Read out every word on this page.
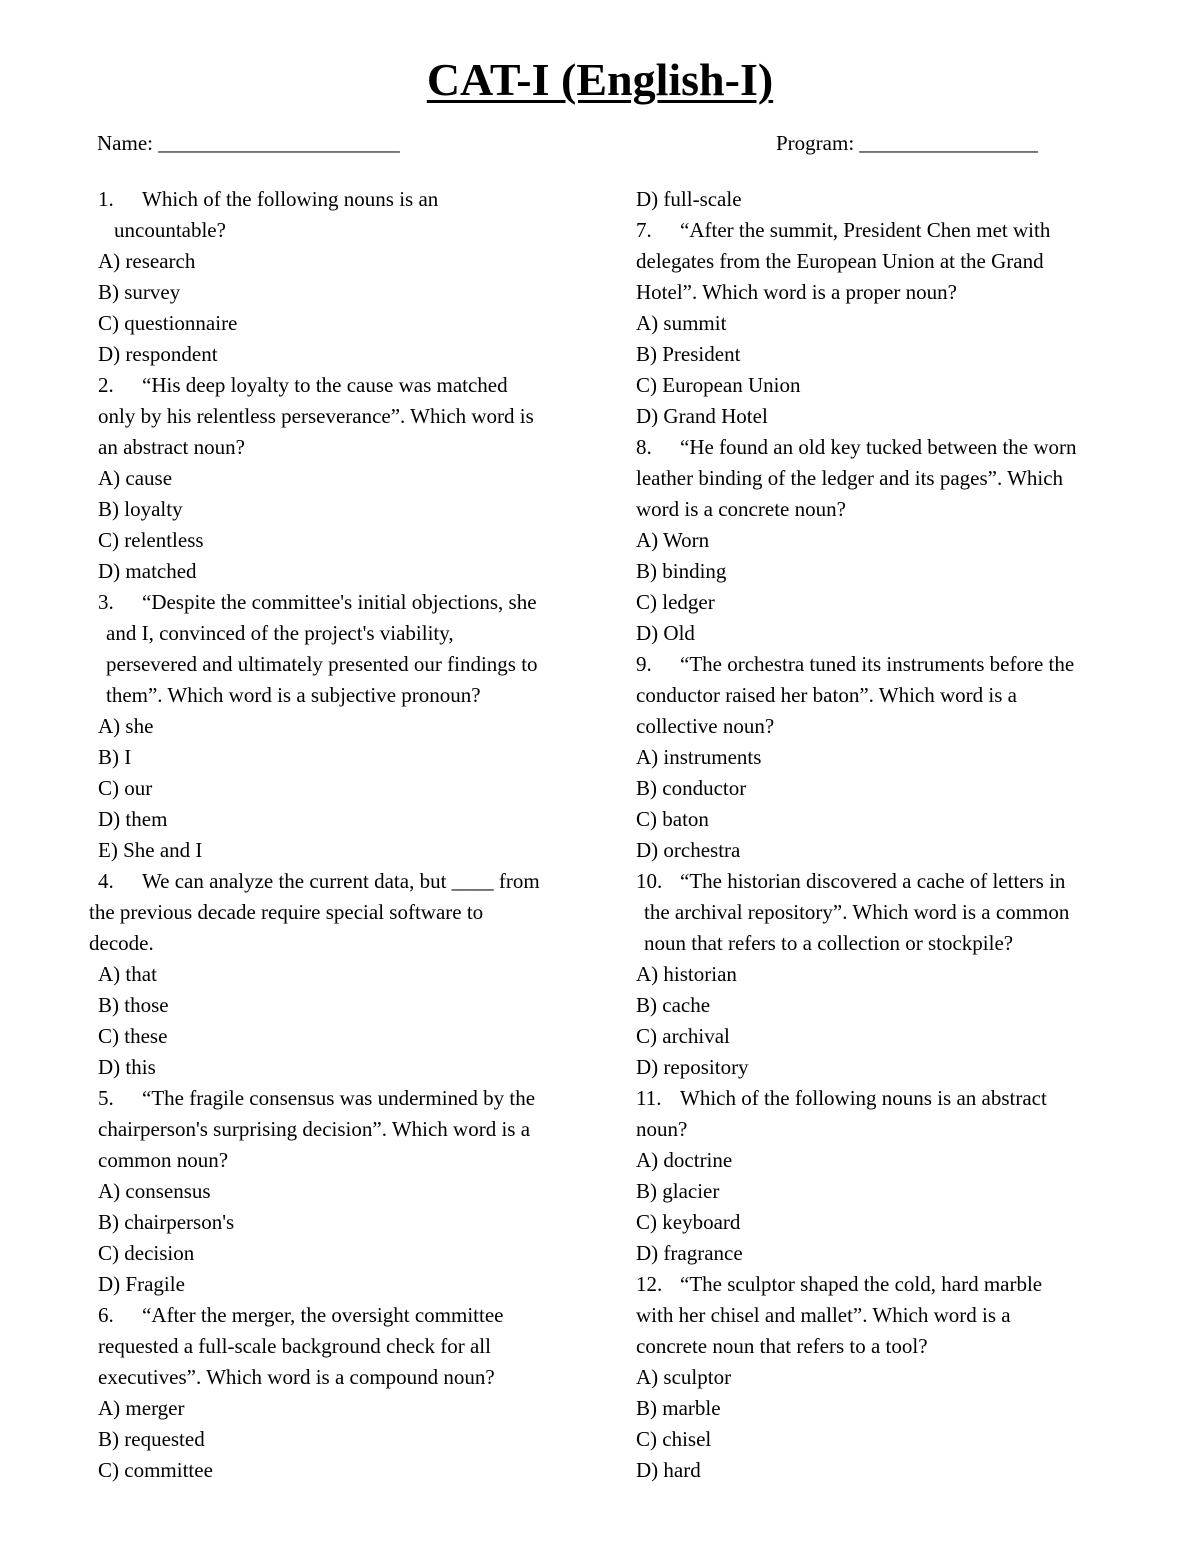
CAT-I (English-I)
Name: _______________________	Program: _________________
1. Which of the following nouns is an
uncountable?
A) research
B) survey
C) questionnaire
D) respondent
2. “His deep loyalty to the cause was matched
only by his relentless perseverance”. Which word is
an abstract noun?
A) cause
B) loyalty
C) relentless
D) matched
3. “Despite the committee's initial objections, she
and I, convinced of the project's viability,
persevered and ultimately presented our findings to
them”. Which word is a subjective pronoun?
A) she
B) I
C) our
D) them
E) She and I
4. We can analyze the current data, but ____ from
the previous decade require special software to
decode.
A) that
B) those
C) these
D) this
5. “The fragile consensus was undermined by the
chairperson's surprising decision”. Which word is a
common noun?
A) consensus
B) chairperson's
C) decision
D) Fragile
6. “After the merger, the oversight committee
requested a full-scale background check for all
executives”. Which word is a compound noun?
A) merger
B) requested
C) committee
D) full-scale
7. “After the summit, President Chen met with
delegates from the European Union at the Grand
Hotel”. Which word is a proper noun?
A) summit
B) President
C) European Union
D) Grand Hotel
8. “He found an old key tucked between the worn
leather binding of the ledger and its pages”. Which
word is a concrete noun?
A) Worn
B) binding
C) ledger
D) Old
9. “The orchestra tuned its instruments before the
conductor raised her baton”. Which word is a
collective noun?
A) instruments
B) conductor
C) baton
D) orchestra
10. “The historian discovered a cache of letters in
the archival repository”. Which word is a common
noun that refers to a collection or stockpile?
A) historian
B) cache
C) archival
D) repository
11. Which of the following nouns is an abstract
noun?
A) doctrine
B) glacier
C) keyboard
D) fragrance
12. “The sculptor shaped the cold, hard marble
with her chisel and mallet”. Which word is a
concrete noun that refers to a tool?
A) sculptor
B) marble
C) chisel
D) hard
